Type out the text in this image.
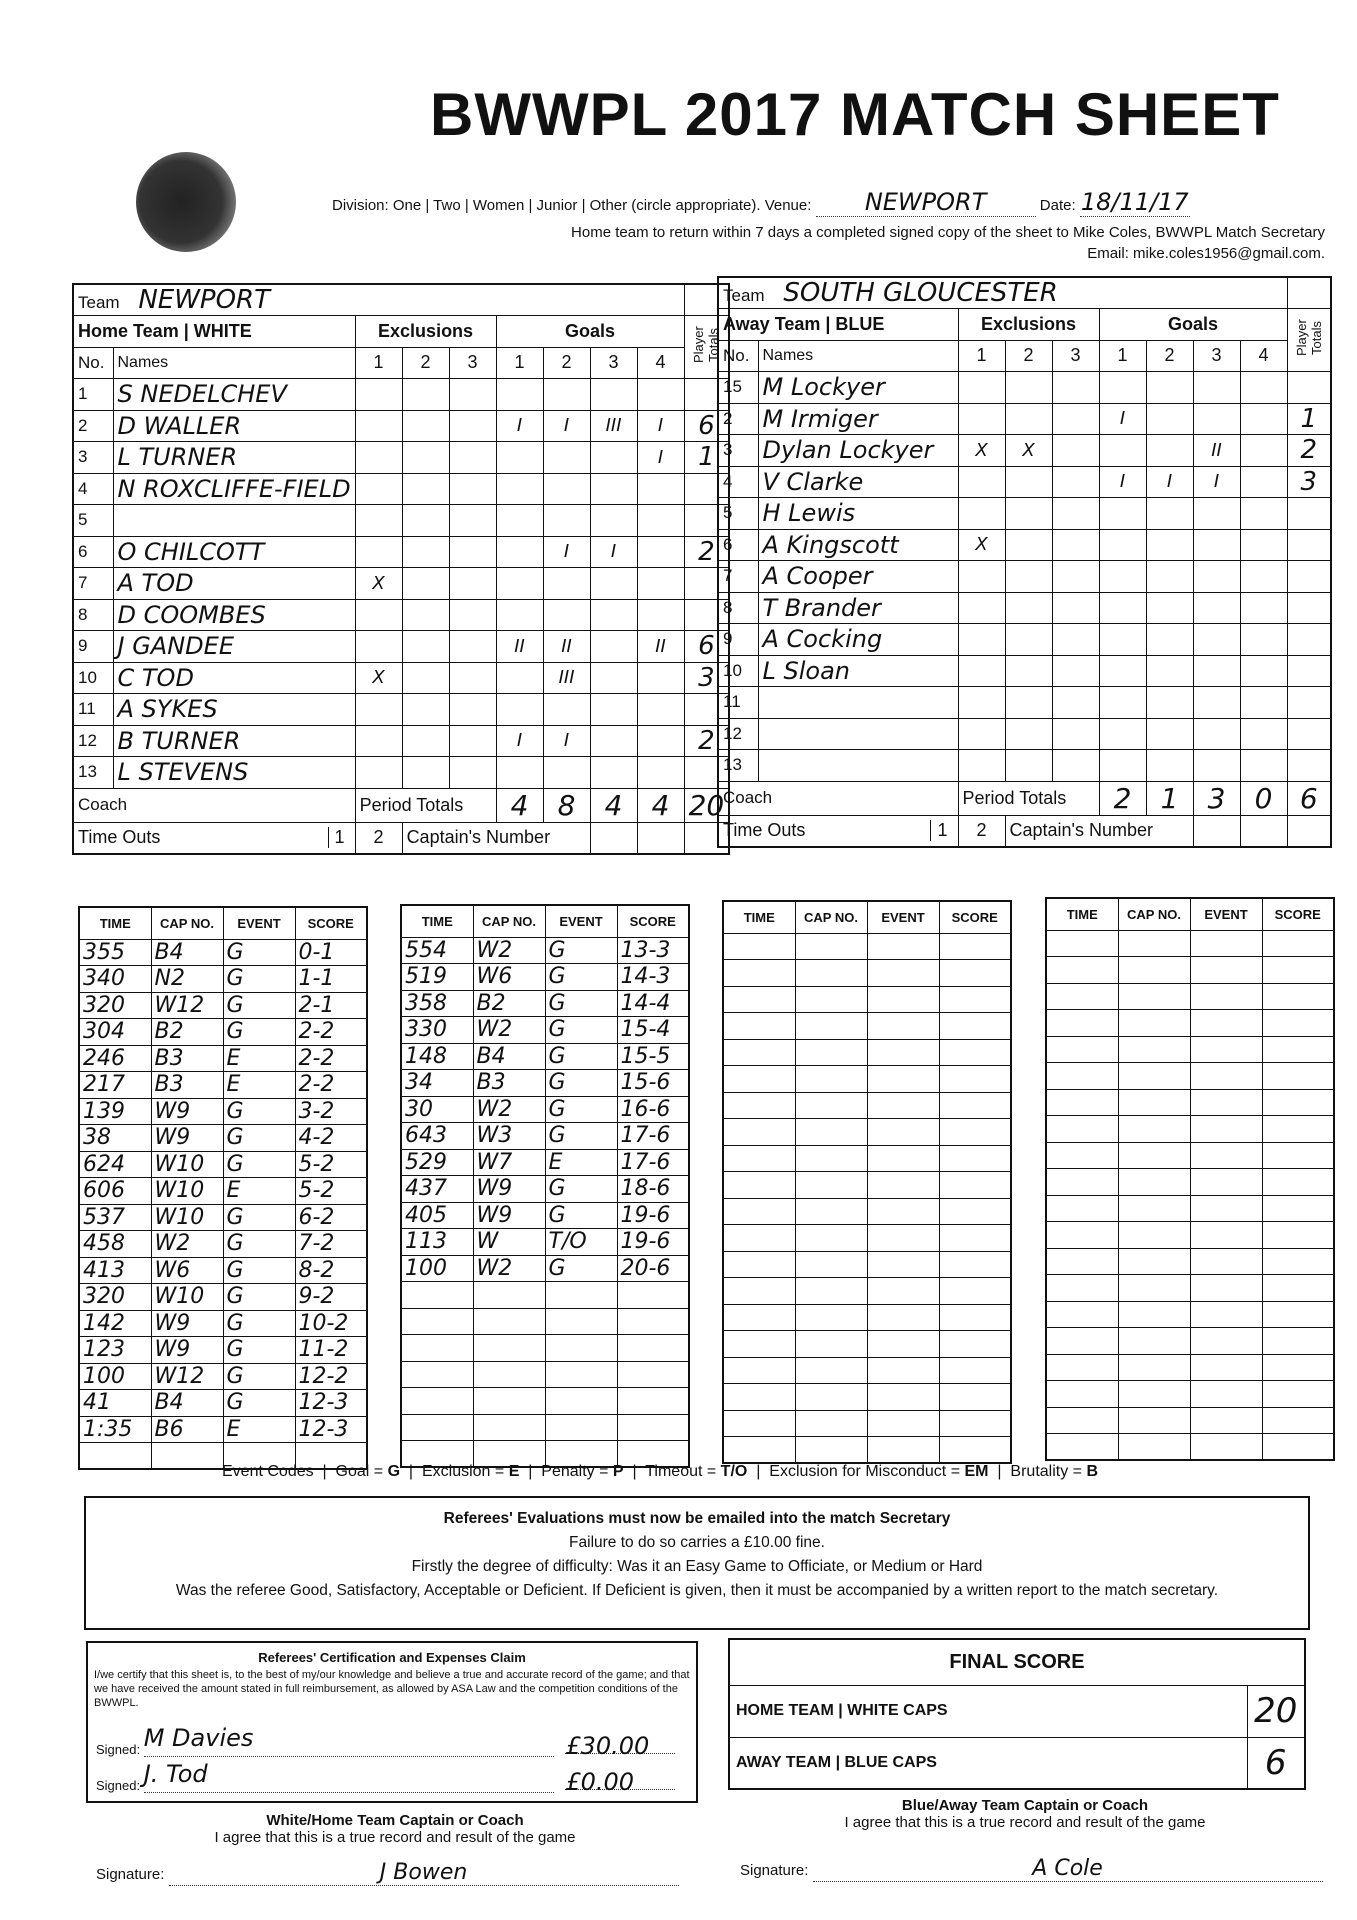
BWWPL 2017 MATCH SHEET
Division: One | Two | Women | Junior | Other (circle appropriate). Venue: NEWPORT	Date: 18/11/17
Home team to return within 7 days a completed signed copy of the sheet to Mike Coles, BWWPL Match Secretary
Email: mike.coles1956@gmail.com.
Team NEWPORT									
Home Team | WHITE		Exclusions			Goals				Player Totals
No.	Names	1	2	3	1	2	3	4	
1	S NEDELCHEV								
2	D WALLER				I	I	III	I	6
3	L TURNER							I	1
4	N ROXCLIFFE-FIELD								
5									
6	O CHILCOTT					I	I		2
7	A TOD	X							
8	D COOMBES								
9	J GANDEE				II	II		II	6
10	C TOD	X				III			3
11	A SYKES								
12	B TURNER				I	I			2
13	L STEVENS								
Coach		Period Totals			4	8	4	4	20
Time Outs 1		2	Captain's Number						
Team SOUTH GLOUCESTER									
Away Team | BLUE		Exclusions			Goals				Player Totals
No.	Names	1	2	3	1	2	3	4	
15	M Lockyer								
2	M Irmiger				I				1
3	Dylan Lockyer	X	X				II		2
4	V Clarke				I	I	I		3
5	H Lewis								
6	A Kingscott	X							
7	A Cooper								
8	T Brander								
9	A Cocking								
10	L Sloan								
11									
12									
13									
Coach		Period Totals			2	1	3	0	6
Time Outs 1		2	Captain's Number						
TIME	CAP NO.	EVENT	SCORE
355	B4	G	0-1
340	N2	G	1-1
320	W12	G	2-1
304	B2	G	2-2
246	B3	E	2-2
217	B3	E	2-2
139	W9	G	3-2
38	W9	G	4-2
624	W10	G	5-2
606	W10	E	5-2
537	W10	G	6-2
458	W2	G	7-2
413	W6	G	8-2
320	W10	G	9-2
142	W9	G	10-2
123	W9	G	11-2
100	W12	G	12-2
41	B4	G	12-3
1:35	B6	E	12-3

TIME	CAP NO.	EVENT	SCORE
554	W2	G	13-3
519	W6	G	14-3
358	B2	G	14-4
330	W2	G	15-4
148	B4	G	15-5
34	B3	G	15-6
30	W2	G	16-6
643	W3	G	17-6
529	W7	E	17-6
437	W9	G	18-6
405	W9	G	19-6
113	W	T/O	19-6
100	W2	G	20-6

TIME	CAP NO.	EVENT	SCORE

				TIME	CAP NO.	EVENT	SCORE

Event Codes  |  Goal = G  |  Exclusion = E  |  Penalty = P  |  Timeout = T/O  |  Exclusion for Misconduct = EM  |  Brutality = B
Referees' Evaluations must now be emailed into the match Secretary
Failure to do so carries a £10.00 fine.
Firstly the degree of difficulty: Was it an Easy Game to Officiate, or Medium or Hard
Was the referee Good, Satisfactory, Acceptable or Deficient. If Deficient is given, then it must be accompanied by a written report to the match secretary.
Referees' Certification and Expenses Claim
I/we certify that this sheet is, to the best of my/our knowledge and believe a true and accurate record of the game; and that we have received the amount stated in full reimbursement, as allowed by ASA Law and the competition conditions of the BWWPL.
Signed: M Davies	£30.00
Signed: J. Tod	£0.00
FINAL SCORE	
HOME TEAM | WHITE CAPS	20
AWAY TEAM | BLUE CAPS	6
White/Home Team Captain or Coach
I agree that this is a true record and result of the game
Blue/Away Team Captain or Coach
I agree that this is a true record and result of the game
Signature:	J Bowen	Signature:	A Cole
